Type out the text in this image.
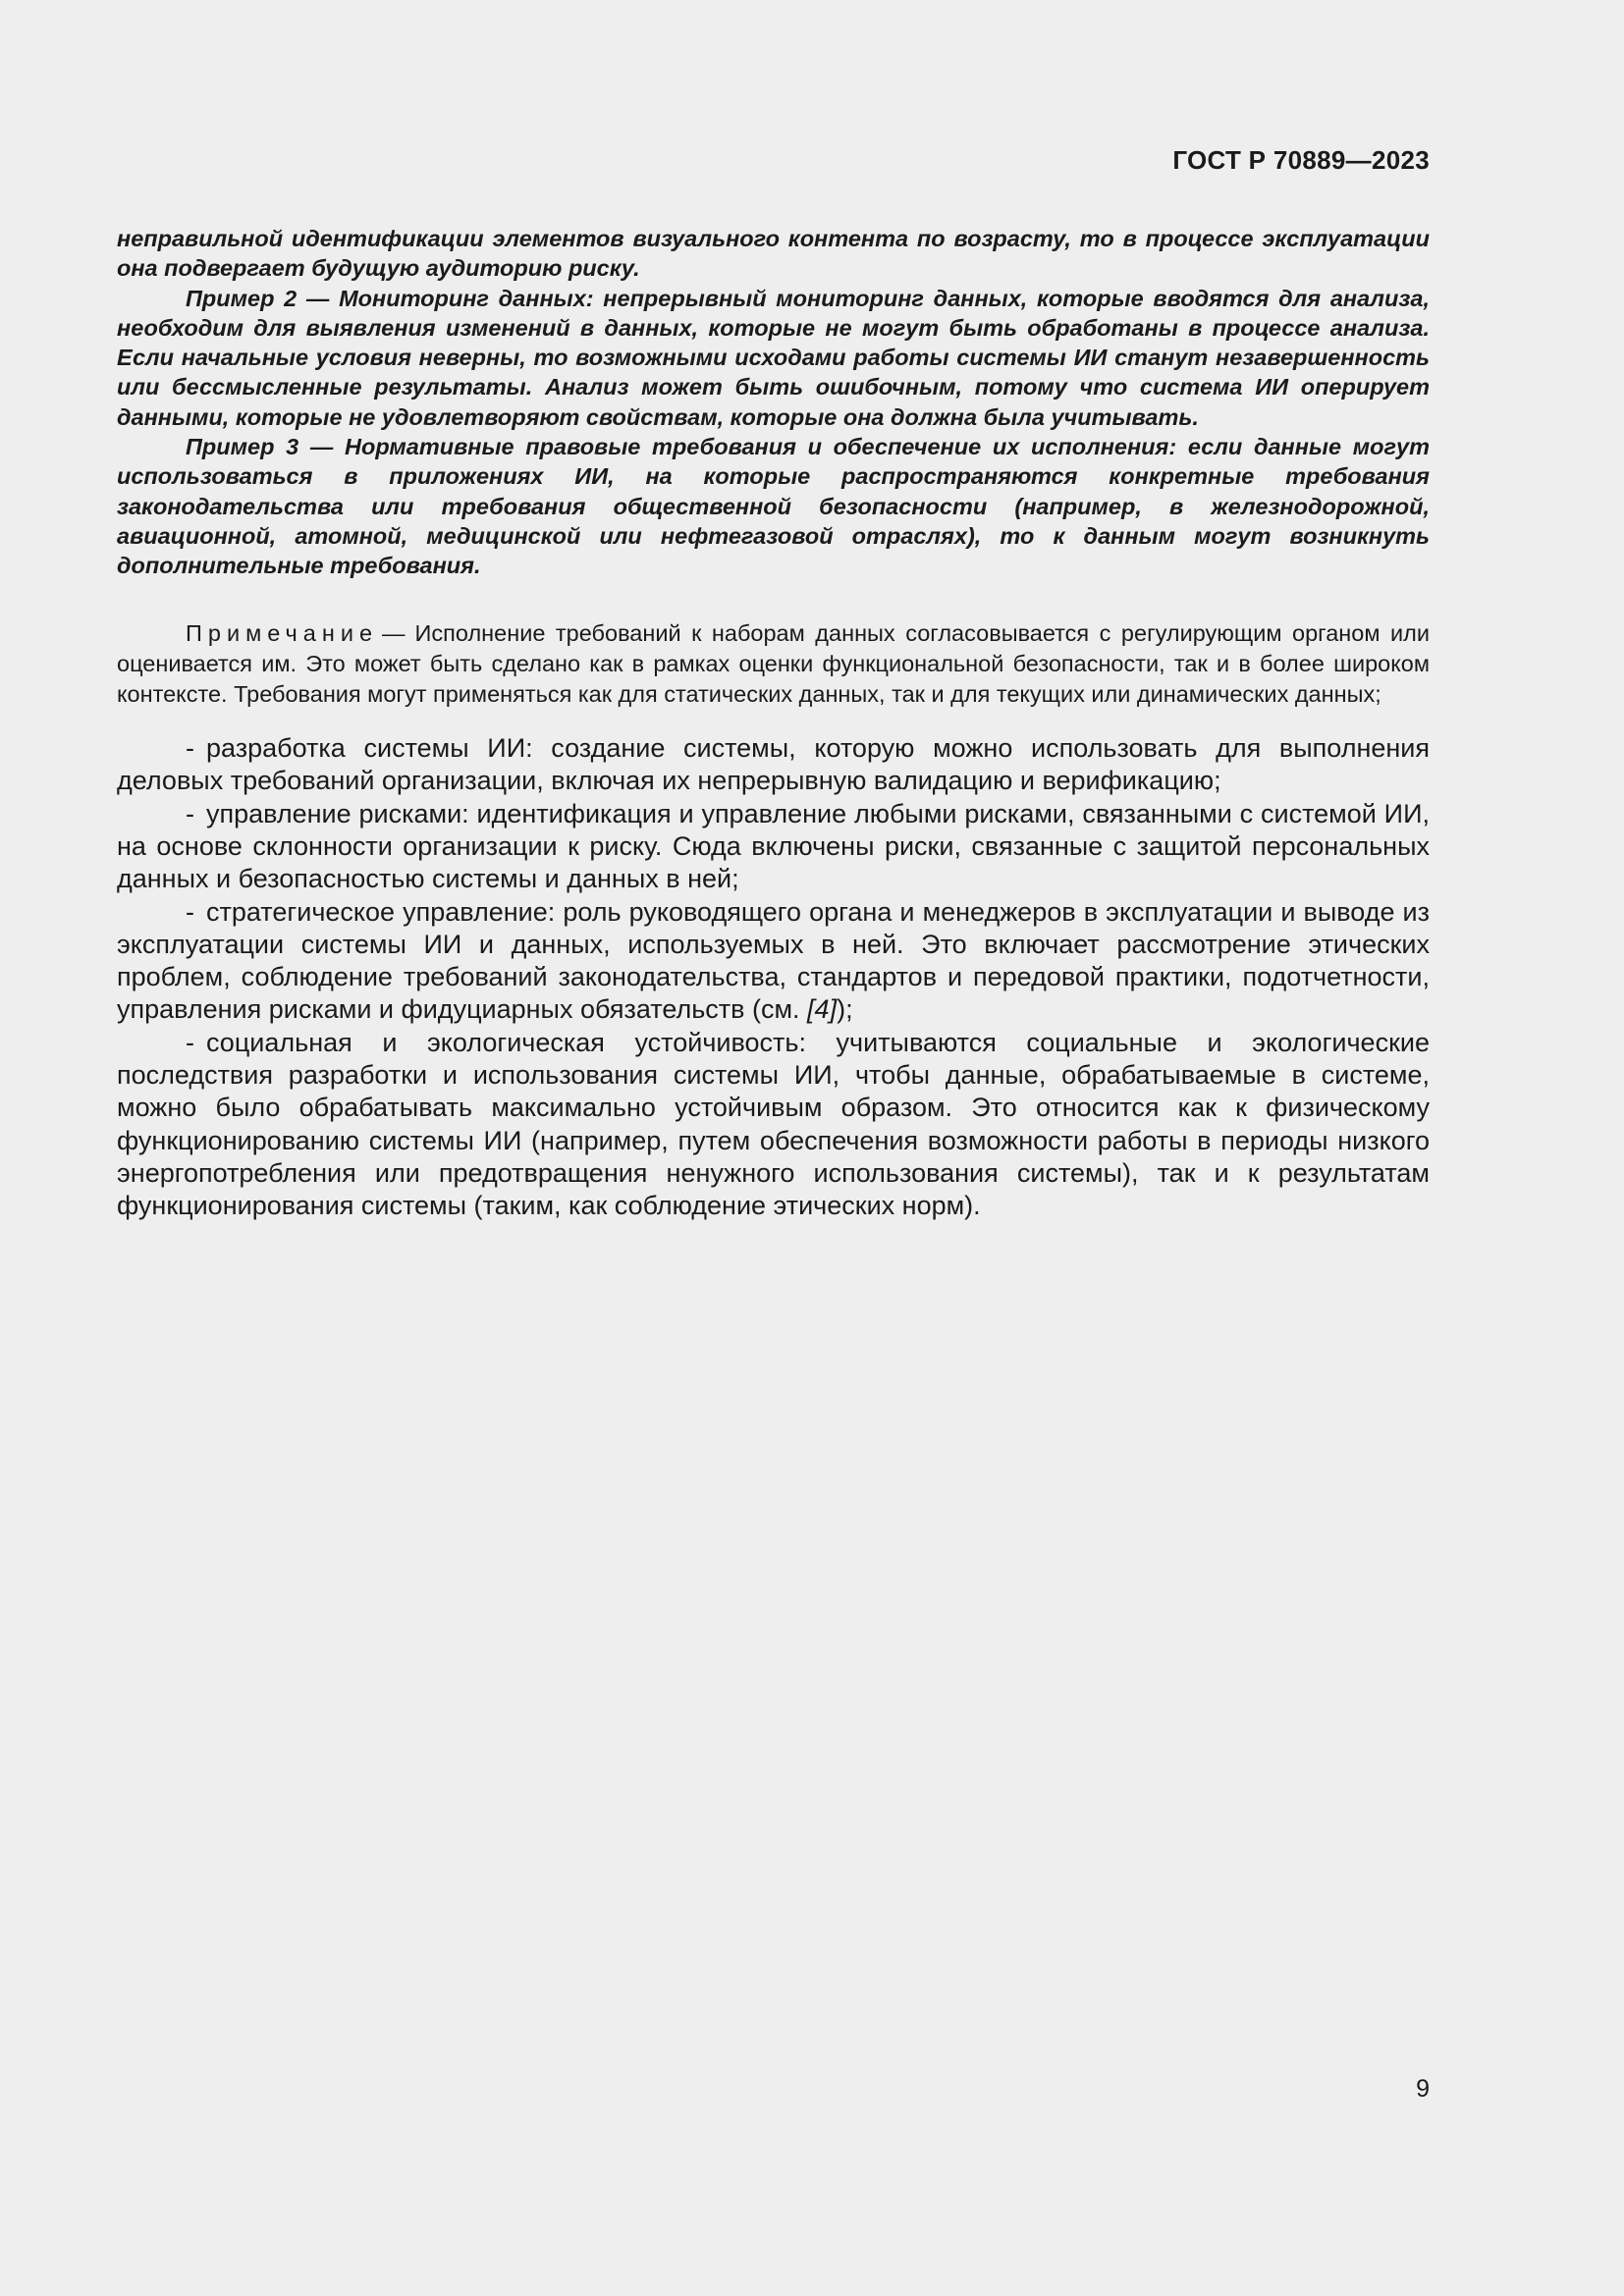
ГОСТ Р 70889—2023

неправильной идентификации элементов визуального контента по возрасту, то в процессе эксплуатации она подвергает будущую аудиторию риску.

Пример 2 — Мониторинг данных: непрерывный мониторинг данных, которые вводятся для анализа, необходим для выявления изменений в данных, которые не могут быть обработаны в процессе анализа. Если начальные условия неверны, то возможными исходами работы системы ИИ станут незавершенность или бессмысленные результаты. Анализ может быть ошибочным, потому что система ИИ оперирует данными, которые не удовлетворяют свойствам, которые она должна была учитывать.

Пример 3 — Нормативные правовые требования и обеспечение их исполнения: если данные могут использоваться в приложениях ИИ, на которые распространяются конкретные требования законодательства или требования общественной безопасности (например, в железнодорожной, авиационной, атомной, медицинской или нефтегазовой отраслях), то к данным могут возникнуть дополнительные требования.

Примечание — Исполнение требований к наборам данных согласовывается с регулирующим органом или оценивается им. Это может быть сделано как в рамках оценки функциональной безопасности, так и в более широком контексте. Требования могут применяться как для статических данных, так и для текущих или динамических данных;

- разработка системы ИИ: создание системы, которую можно использовать для выполнения деловых требований организации, включая их непрерывную валидацию и верификацию;

- управление рисками: идентификация и управление любыми рисками, связанными с системой ИИ, на основе склонности организации к риску. Сюда включены риски, связанные с защитой персональных данных и безопасностью системы и данных в ней;

- стратегическое управление: роль руководящего органа и менеджеров в эксплуатации и выводе из эксплуатации системы ИИ и данных, используемых в ней. Это включает рассмотрение этических проблем, соблюдение требований законодательства, стандартов и передовой практики, подотчетности, управления рисками и фидуциарных обязательств (см. [4]);

- социальная и экологическая устойчивость: учитываются социальные и экологические последствия разработки и использования системы ИИ, чтобы данные, обрабатываемые в системе, можно было обрабатывать максимально устойчивым образом. Это относится как к физическому функционированию системы ИИ (например, путем обеспечения возможности работы в периоды низкого энергопотребления или предотвращения ненужного использования системы), так и к результатам функционирования системы (таким, как соблюдение этических норм).

9
